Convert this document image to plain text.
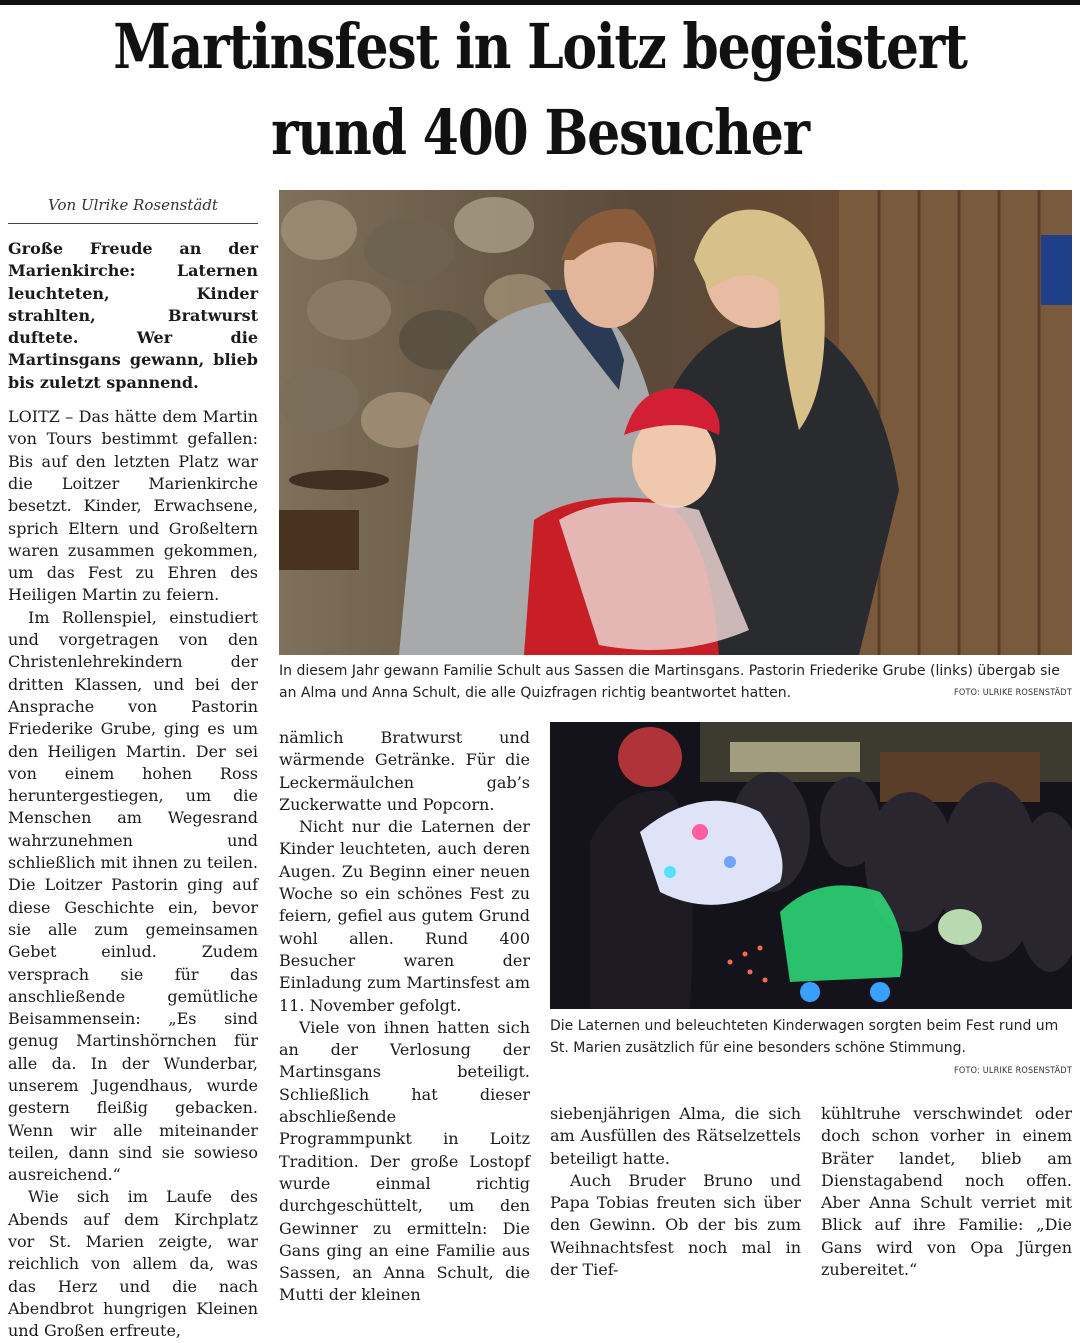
Martinsfest in Loitz begeistert
rund 400 Besucher
Von Ulrike Rosenstädt

Große Freude an der Marienkirche: Laternen leuchteten, Kinder strahlten, Bratwurst duftete. Wer die Martinsgans gewann, blieb bis zuletzt spannend.

LOITZ – Das hätte dem Martin von Tours bestimmt gefallen: Bis auf den letzten Platz war die Loitzer Marienkirche besetzt. Kinder, Erwachsene, sprich Eltern und Großeltern waren zusammen gekommen, um das Fest zu Ehren des Heiligen Martin zu feiern.

Im Rollenspiel, einstudiert und vorgetragen von den Christenlehrekindern der dritten Klassen, und bei der Ansprache von Pastorin Friederike Grube, ging es um den Heiligen Martin. Der sei von einem hohen Ross heruntergestiegen, um die Menschen am Wegesrand wahrzunehmen und schließlich mit ihnen zu teilen. Die Loitzer Pastorin ging auf diese Geschichte ein, bevor sie alle zum gemeinsamen Gebet einlud. Zudem versprach sie für das anschließende gemütliche Beisammensein: „Es sind genug Martinshörnchen für alle da. In der Wunderbar, unserem Jugendhaus, wurde gestern fleißig gebacken. Wenn wir alle miteinander teilen, dann sind sie sowieso ausreichend.“

Wie sich im Laufe des Abends auf dem Kirchplatz vor St. Marien zeigte, war reichlich von allem da, was das Herz und die nach Abendbrot hungrigen Kleinen und Großen erfreute,

In diesem Jahr gewann Familie Schult aus Sassen die Martinsgans. Pastorin Friederike Grube (links) übergab sie an Alma und Anna Schult, die alle Quizfragen richtig beantwortet hatten.	FOTO: ULRIKE ROSENSTÄDT

nämlich Bratwurst und wärmende Getränke. Für die Leckermäulchen gab’s Zuckerwatte und Popcorn.

Nicht nur die Laternen der Kinder leuchteten, auch deren Augen. Zu Beginn einer neuen Woche so ein schönes Fest zu feiern, gefiel aus gutem Grund wohl allen. Rund 400 Besucher waren der Einladung zum Martinsfest am 11. November gefolgt.

Viele von ihnen hatten sich an der Verlosung der Martinsgans beteiligt. Schließlich hat dieser abschließende Programmpunkt in Loitz Tradition. Der große Lostopf wurde einmal richtig durchgeschüttelt, um den Gewinner zu ermitteln: Die Gans ging an eine Familie aus Sassen, an Anna Schult, die Mutti der kleinen

Die Laternen und beleuchteten Kinderwagen sorgten beim Fest rund um St. Marien zusätzlich für eine besonders schöne Stimmung.
FOTO: ULRIKE ROSENSTÄDT

siebenjährigen Alma, die sich am Ausfüllen des Rätselzettels beteiligt hatte.

Auch Bruder Bruno und Papa Tobias freuten sich über den Gewinn. Ob der bis zum Weihnachtsfest noch mal in der Tief-

kühltruhe verschwindet oder doch schon vorher in einem Bräter landet, blieb am Dienstagabend noch offen. Aber Anna Schult verriet mit Blick auf ihre Familie: „Die Gans wird von Opa Jürgen zubereitet.“
